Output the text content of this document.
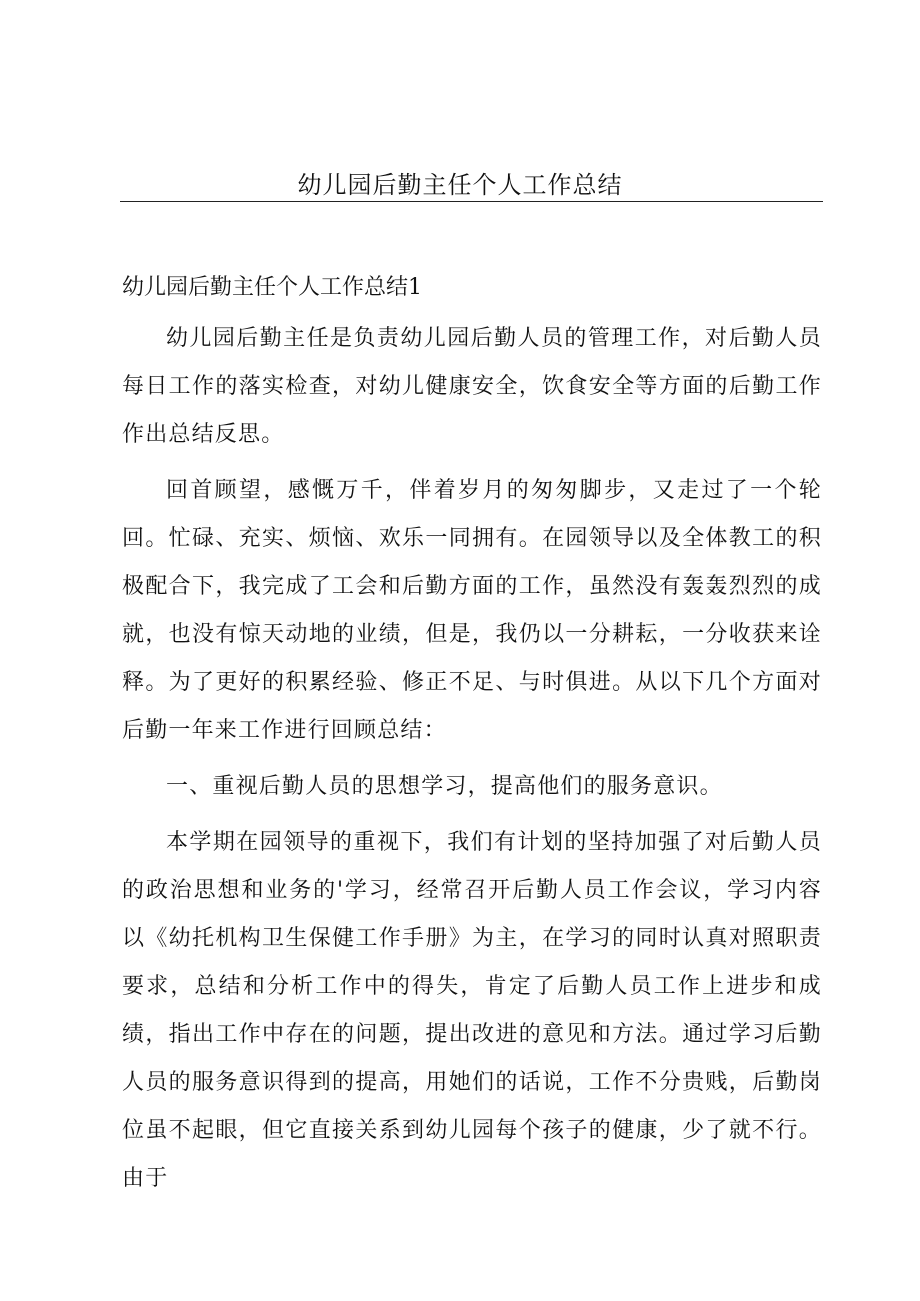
幼儿园后勤主任个人工作总结
幼儿园后勤主任个人工作总结1

幼儿园后勤主任是负责幼儿园后勤人员的管理工作，对后勤人员每日工作的落实检查，对幼儿健康安全，饮食安全等方面的后勤工作作出总结反思。

回首顾望，感慨万千，伴着岁月的匆匆脚步，又走过了一个轮回。忙碌、充实、烦恼、欢乐一同拥有。在园领导以及全体教工的积极配合下，我完成了工会和后勤方面的工作，虽然没有轰轰烈烈的成就，也没有惊天动地的业绩，但是，我仍以一分耕耘，一分收获来诠释。为了更好的积累经验、修正不足、与时俱进。从以下几个方面对后勤一年来工作进行回顾总结：

一、重视后勤人员的思想学习，提高他们的服务意识。

本学期在园领导的重视下，我们有计划的坚持加强了对后勤人员的政治思想和业务的'学习，经常召开后勤人员工作会议，学习内容以《幼托机构卫生保健工作手册》为主，在学习的同时认真对照职责要求，总结和分析工作中的得失，肯定了后勤人员工作上进步和成绩，指出工作中存在的问题，提出改进的意见和方法。通过学习后勤人员的服务意识得到的提高，用她们的话说，工作不分贵贱，后勤岗位虽不起眼，但它直接关系到幼儿园每个孩子的健康，少了就不行。由于
